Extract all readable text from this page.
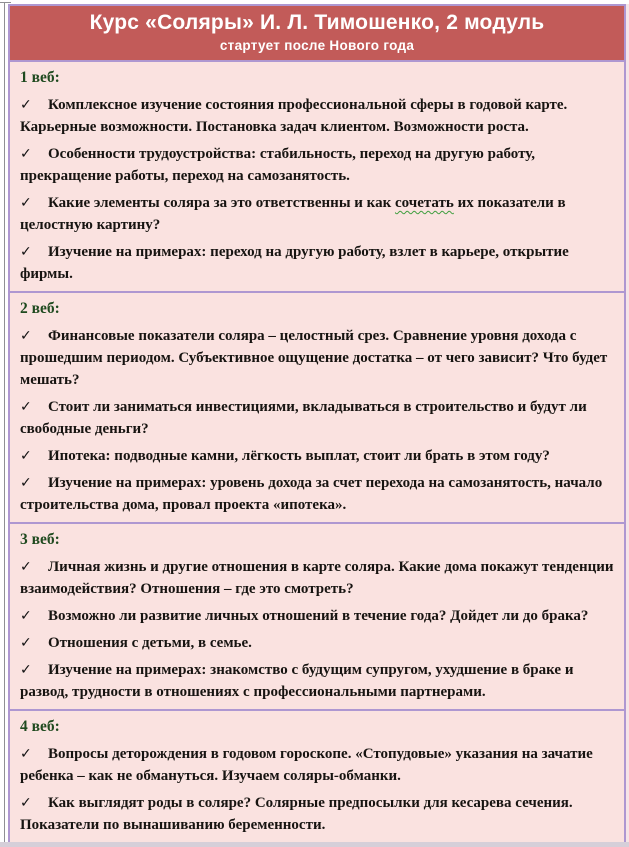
Курс «Соляры» И. Л. Тимошенко, 2 модуль
стартует после Нового года

1 веб:

✓ Комплексное изучение состояния профессиональной сферы в годовой карте. Карьерные возможности. Постановка задач клиентом. Возможности роста.

✓ Особенности трудоустройства: стабильность, переход на другую работу, прекращение работы, переход на самозанятость.

✓ Какие элементы соляра за это ответственны и как сочетать их показатели в целостную картину?

✓ Изучение на примерах: переход на другую работу, взлет в карьере, открытие фирмы.

2 веб:

✓ Финансовые показатели соляра – целостный срез. Сравнение уровня дохода с прошедшим периодом. Субъективное ощущение достатка – от чего зависит? Что будет мешать?

✓ Стоит ли заниматься инвестициями, вкладываться в строительство и будут ли свободные деньги?

✓ Ипотека: подводные камни, лёгкость выплат, стоит ли брать в этом году?

✓ Изучение на примерах: уровень дохода за счет перехода на самозанятость, начало строительства дома, провал проекта «ипотека».

3 веб:

✓ Личная жизнь и другие отношения в карте соляра. Какие дома покажут тенденции взаимодействия? Отношения – где это смотреть?

✓ Возможно ли развитие личных отношений в течение года? Дойдет ли до брака?

✓ Отношения с детьми, в семье.

✓ Изучение на примерах: знакомство с будущим супругом, ухудшение в браке и развод, трудности в отношениях с профессиональными партнерами.

4 веб:

✓ Вопросы деторождения в годовом гороскопе. «Стопудовые» указания на зачатие ребенка – как не обмануться. Изучаем соляры-обманки.

✓ Как выглядят роды в соляре? Солярные предпосылки для кесарева сечения. Показатели по вынашиванию беременности.
